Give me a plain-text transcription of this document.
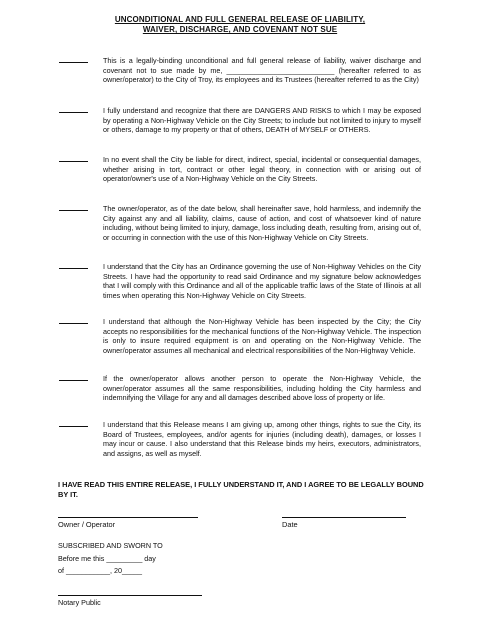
UNCONDITIONAL AND FULL GENERAL RELEASE OF LIABILITY,
WAIVER, DISCHARGE, AND COVENANT NOT SUE
This is a legally-binding unconditional and full general release of liability, waiver discharge and covenant not to sue made by me, ___________________________ (hereafter referred to as owner/operator) to the City of Troy, its employees and its Trustees (hereafter referred to as the City)
I fully understand and recognize that there are DANGERS AND RISKS to which I may be exposed by operating a Non-Highway Vehicle on the City Streets; to include but not limited to injury to myself or others, damage to my property or that of others, DEATH of MYSELF or OTHERS.
In no event shall the City be liable for direct, indirect, special, incidental or consequential damages, whether arising in tort, contract or other legal theory, in connection with or arising out of operator/owner's use of a Non-Highway Vehicle on the City Streets.
The owner/operator, as of the date below, shall hereinafter save, hold harmless, and indemnify the City against any and all liability, claims, cause of action, and cost of whatsoever kind of nature including, without being limited to injury, damage, loss including death, resulting from, arising out of, or occurring in connection with the use of this Non-Highway Vehicle on City Streets.
I understand that the City has an Ordinance governing the use of Non-Highway Vehicles on the City Streets. I have had the opportunity to read said Ordinance and my signature below acknowledges that I will comply with this Ordinance and all of the applicable traffic laws of the State of Illinois at all times when operating this Non-Highway Vehicle on City Streets.
I understand that although the Non-Highway Vehicle has been inspected by the City; the City accepts no responsibilities for the mechanical functions of the Non-Highway Vehicle. The inspection is only to insure required equipment is on and operating on the Non-Highway Vehicle. The owner/operator assumes all mechanical and electrical responsibilities of the Non-Highway Vehicle.
If the owner/operator allows another person to operate the Non-Highway Vehicle, the owner/operator assumes all the same responsibilities, including holding the City harmless and indemnifying the Village for any and all damages described above loss of property or life.
I understand that this Release means I am giving up, among other things, rights to sue the City, its Board of Trustees, employees, and/or agents for injuries (including death), damages, or losses I may incur or cause. I also understand that this Release binds my heirs, executors, administrators, and assigns, as well as myself.
I HAVE READ THIS ENTIRE RELEASE, I FULLY UNDERSTAND IT, AND I AGREE TO BE LEGALLY BOUND BY IT.
Owner / Operator	Date
SUBSCRIBED AND SWORN TO
Before me this _________ day
of ___________, 20_____
Notary Public
